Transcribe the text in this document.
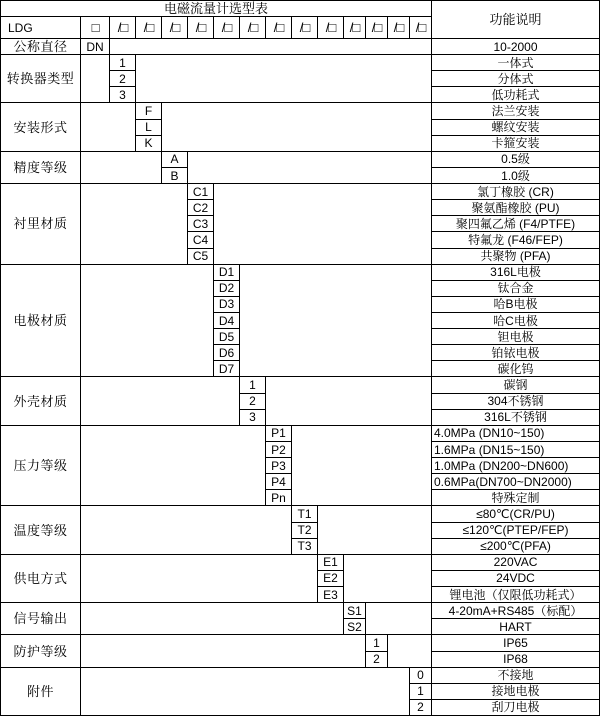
电磁流量计选型表
功能说明
LDG	□	/□	/□	/□	/□	/□	/□	/□	/□	/□	/□ /□ /□ /□
公称直径	DN	10-2000
转换器类型
1	一体式
2	分体式
3	低功耗式
安装形式
F	法兰安装
L	螺纹安装
K	卡箍安装
精度等级
A	0.5级
B	1.0级
衬里材质
C1	氯丁橡胶 (CR)
C2	聚氨酯橡胶 (PU)
C3	聚四氟乙烯 (F4/PTFE)
C4	特氟龙 (F46/FEP)
C5	共聚物 (PFA)
电极材质
D1	316L电极
D2	钛合金
D3	哈B电极
D4	哈C电极
D5	钽电极
D6	铂铱电极
D7	碳化钨
外壳材质
1	碳钢
2	304不锈钢
3	316L不锈钢
压力等级
P1	4.0MPa (DN10~150)
P2	1.6MPa (DN15~150)
P3	1.0MPa (DN200~DN600)
P4	0.6MPa(DN700~DN2000)
Pn	特殊定制
温度等级
T1	≤80℃(CR/PU)
T2	≤120℃(PTEP/FEP)
T3	≤200℃(PFA)
供电方式
E1	220VAC
E2	24VDC
E3	锂电池（仅限低功耗式）
信号输出
S1	4-20mA+RS485（标配）
S2	HART
防护等级
1	IP65
2	IP68
附件
0	不接地
1	接地电极
2	刮刀电极
